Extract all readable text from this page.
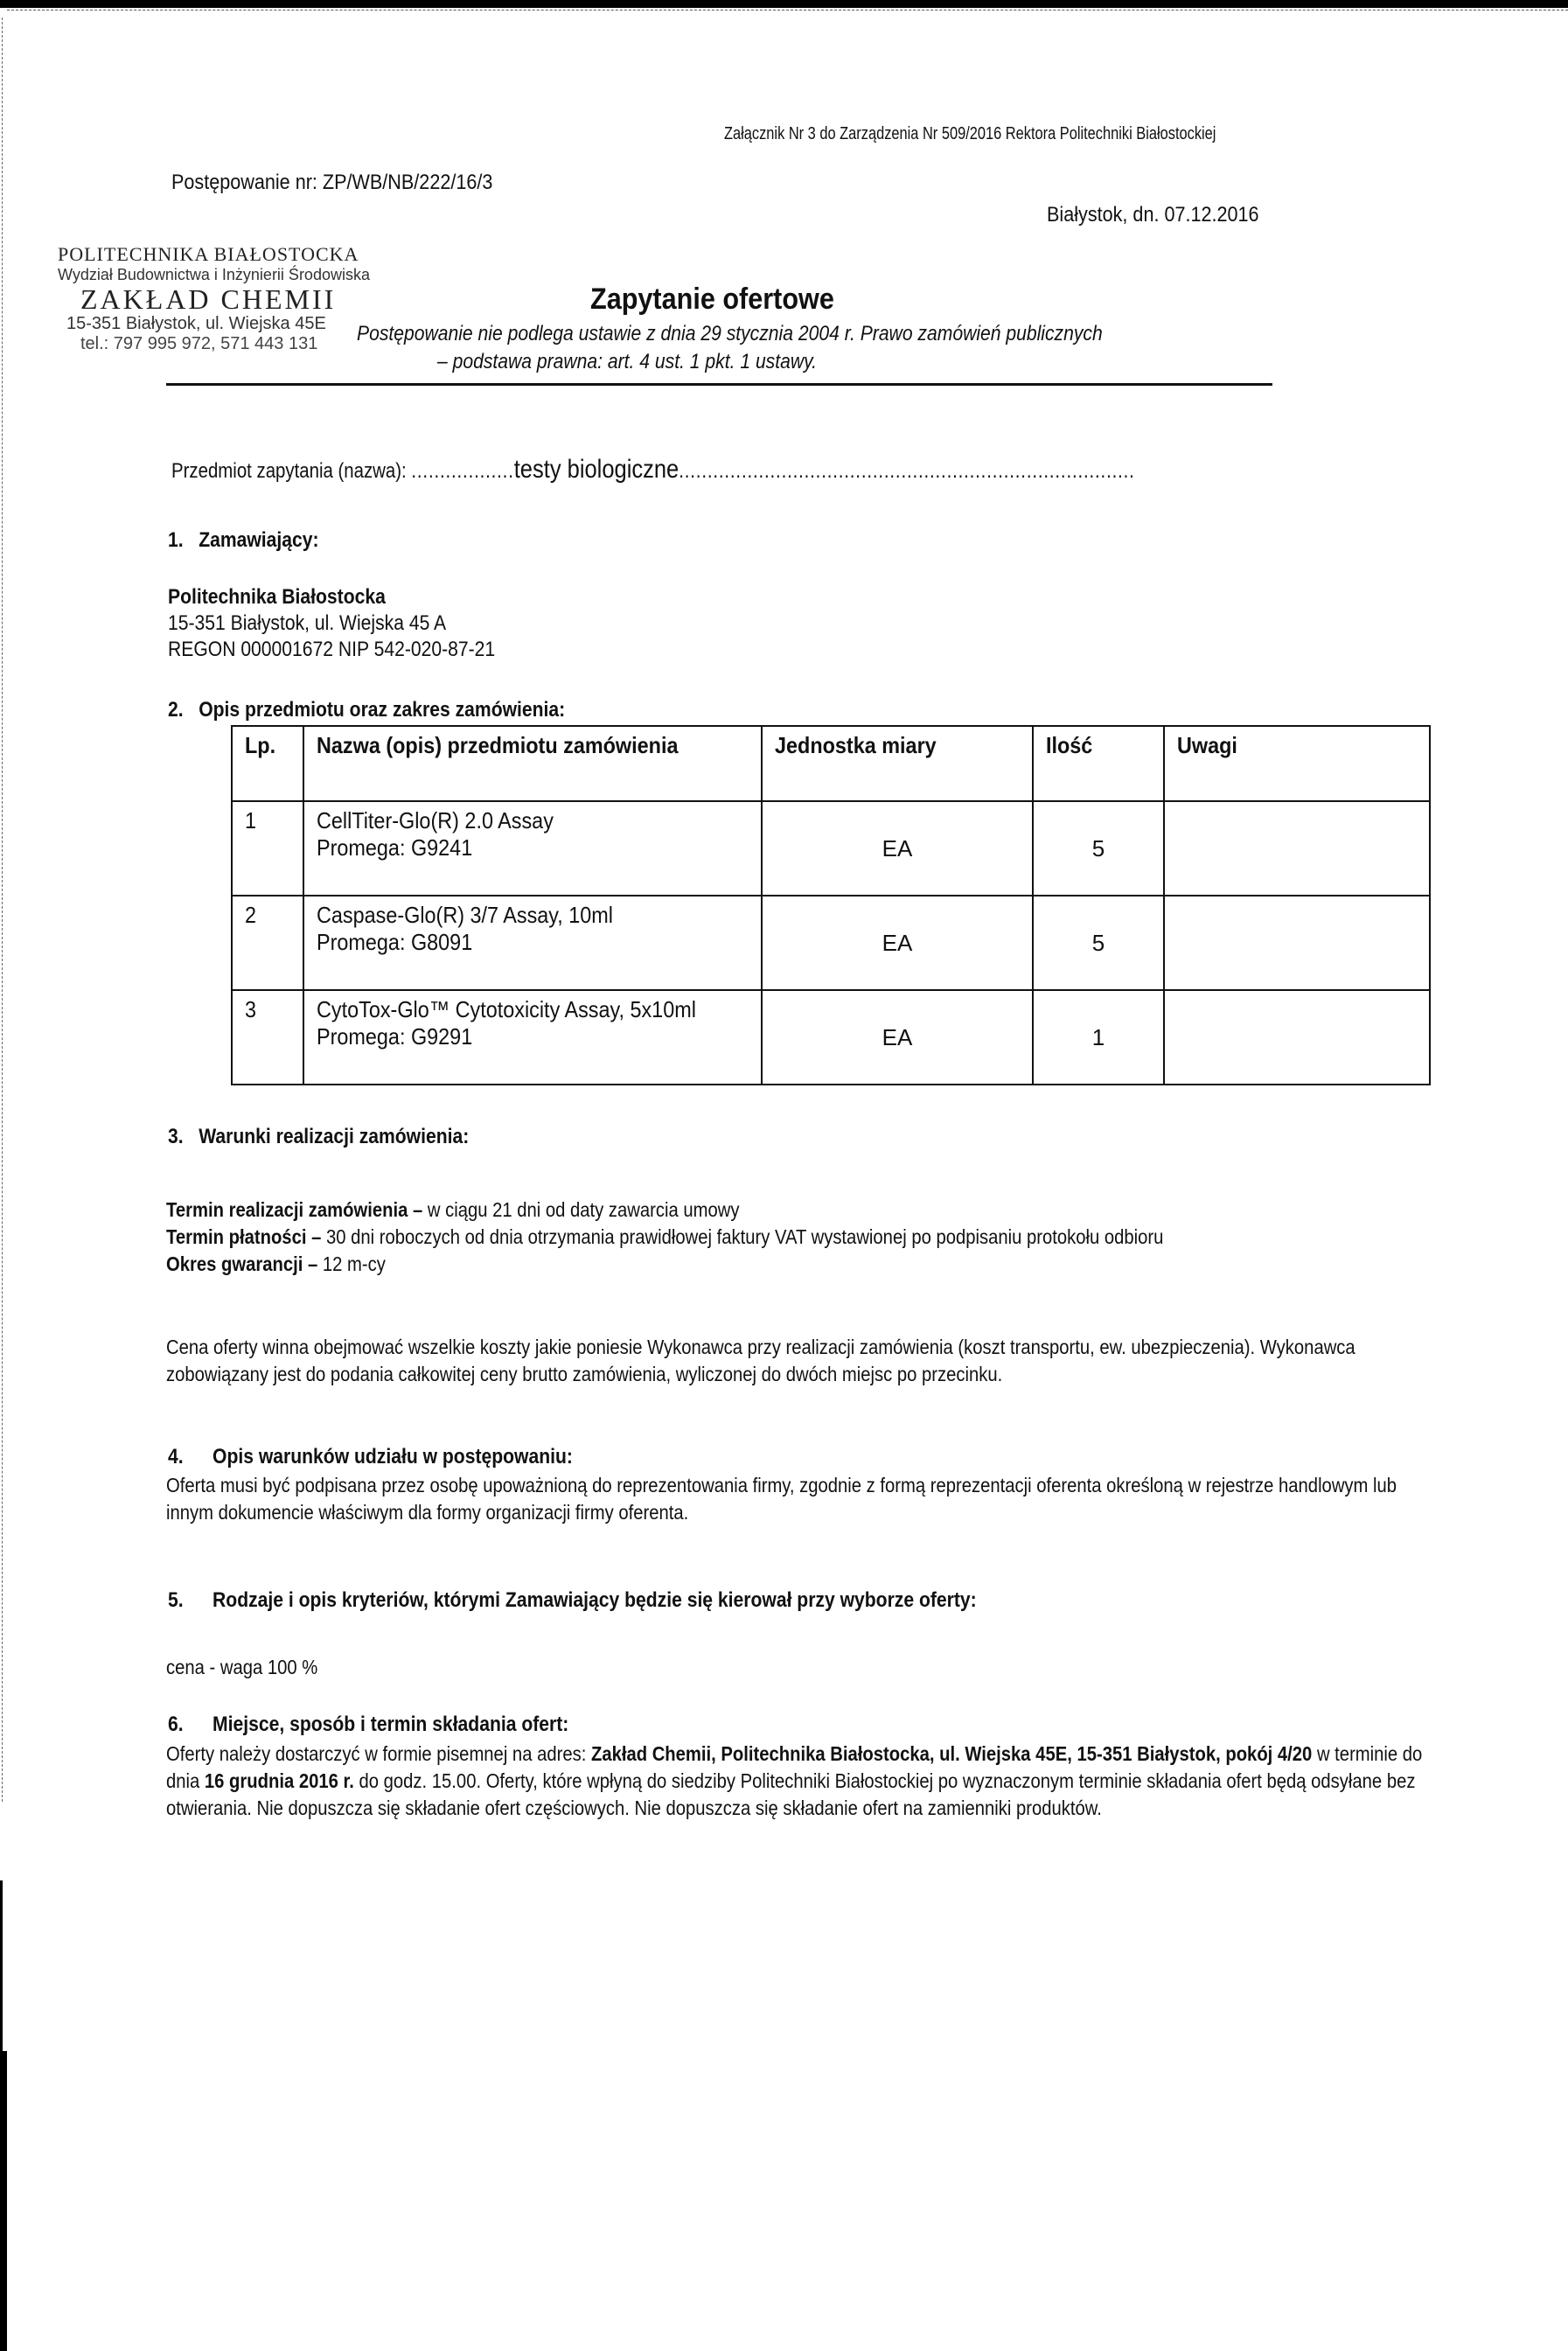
Załącznik Nr 3 do Zarządzenia Nr 509/2016 Rektora Politechniki Białostockiej
Postępowanie nr: ZP/WB/NB/222/16/3
Białystok, dn. 07.12.2016
POLITECHNIKA BIAŁOSTOCKA
Wydział Budownictwa i Inżynierii Środowiska
ZAKŁAD CHEMII
15-351 Białystok, ul. Wiejska 45E
tel.: 797 995 972, 571 443 131
Zapytanie ofertowe
Postępowanie nie podlega ustawie z dnia 29 stycznia 2004 r. Prawo zamówień publicznych
– podstawa prawna: art. 4 ust. 1 pkt. 1 ustawy.
Przedmiot zapytania (nazwa): ..................testy biologiczne................................................................................
1. Zamawiający:
Politechnika Białostocka
15-351 Białystok, ul. Wiejska 45 A
REGON 000001672 NIP 542-020-87-21
2. Opis przedmiotu oraz zakres zamówienia:
Lp.	Nazwa (opis) przedmiotu zamówienia	Jednostka miary	Ilość	Uwagi

1	CellTiter-Glo(R) 2.0 Assay
Promega: G9241	EA	5	

2	Caspase-Glo(R) 3/7 Assay, 10ml
Promega: G8091	EA	5	

3	CytoTox-Glo™ Cytotoxicity Assay, 5x10ml
Promega: G9291	EA	1	
3. Warunki realizacji zamówienia:
Termin realizacji zamówienia – w ciągu 21 dni od daty zawarcia umowy
Termin płatności – 30 dni roboczych od dnia otrzymania prawidłowej faktury VAT wystawionej po podpisaniu protokołu odbioru
Okres gwarancji – 12 m-cy
Cena oferty winna obejmować wszelkie koszty jakie poniesie Wykonawca przy realizacji zamówienia (koszt transportu, ew. ubezpieczenia). Wykonawca zobowiązany jest do podania całkowitej ceny brutto zamówienia, wyliczonej do dwóch miejsc po przecinku.
4. Opis warunków udziału w postępowaniu:
Oferta musi być podpisana przez osobę upoważnioną do reprezentowania firmy, zgodnie z formą reprezentacji oferenta określoną w rejestrze handlowym lub innym dokumencie właściwym dla formy organizacji firmy oferenta.
5. Rodzaje i opis kryteriów, którymi Zamawiający będzie się kierował przy wyborze oferty:
cena - waga 100 %
6. Miejsce, sposób i termin składania ofert:
Oferty należy dostarczyć w formie pisemnej na adres: Zakład Chemii, Politechnika Białostocka, ul. Wiejska 45E, 15-351 Białystok, pokój 4/20 w terminie do dnia 16 grudnia 2016 r. do godz. 15.00. Oferty, które wpłyną do siedziby Politechniki Białostockiej po wyznaczonym terminie składania ofert będą odsyłane bez otwierania. Nie dopuszcza się składanie ofert częściowych. Nie dopuszcza się składanie ofert na zamienniki produktów.
